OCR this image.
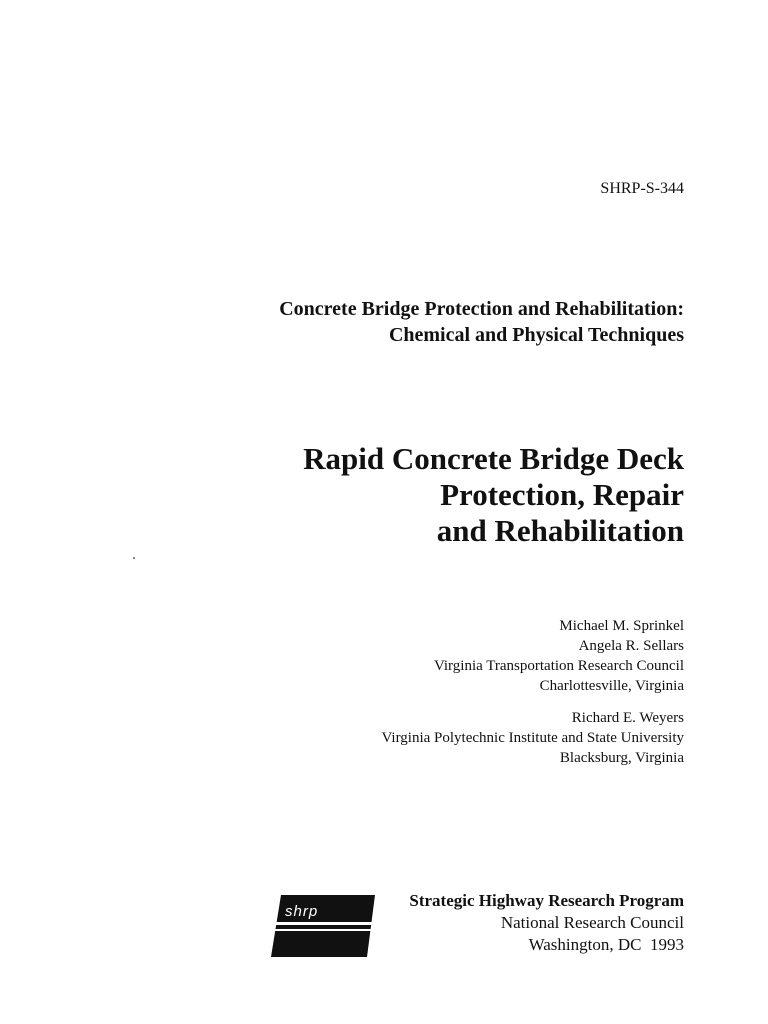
SHRP-S-344
Concrete Bridge Protection and Rehabilitation:
Chemical and Physical Techniques
Rapid Concrete Bridge Deck
Protection, Repair
and Rehabilitation
Michael M. Sprinkel
Angela R. Sellars
Virginia Transportation Research Council
Charlottesville, Virginia
Richard E. Weyers
Virginia Polytechnic Institute and State University
Blacksburg, Virginia
shrp
Strategic Highway Research Program
National Research Council
Washington, DC  1993
